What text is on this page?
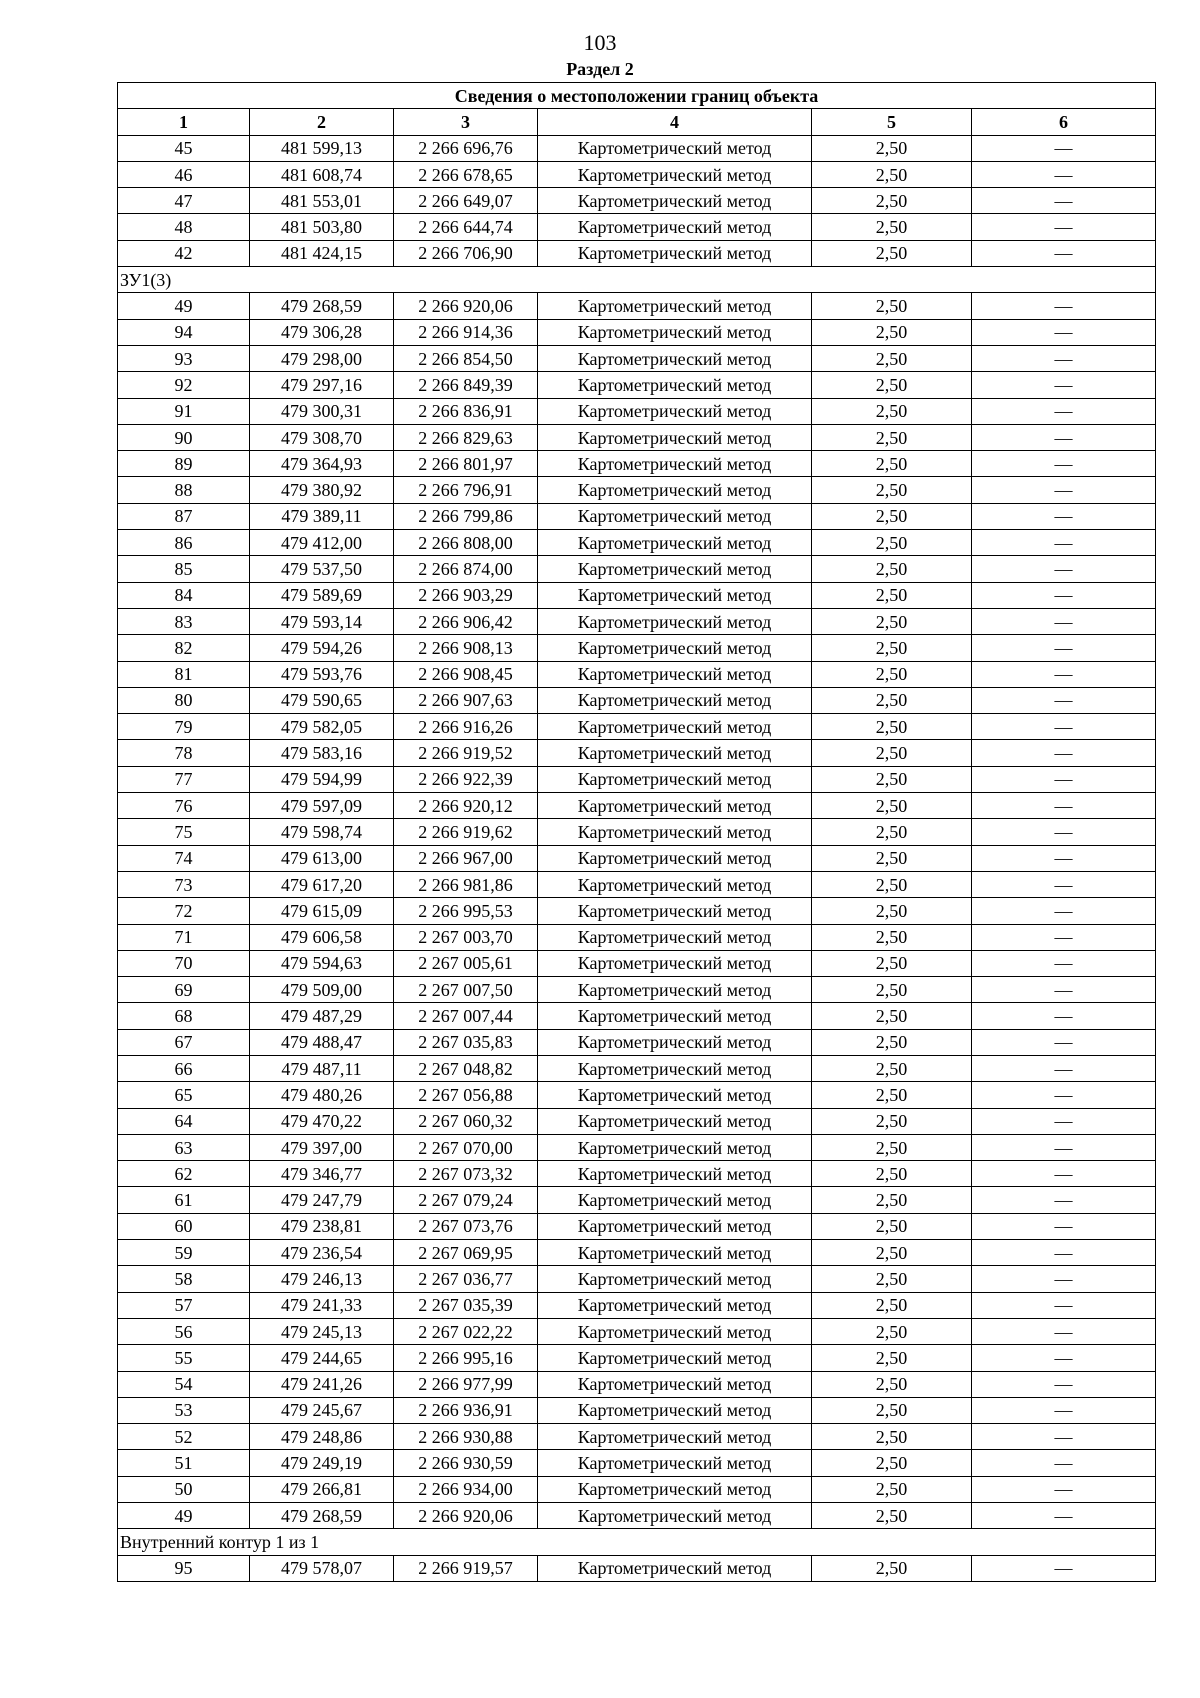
103
Раздел 2
Сведения о местоположении границ объекта					
1	2	3	4	5	6
45	481 599,13	2 266 696,76	Картометрический метод	2,50	—
46	481 608,74	2 266 678,65	Картометрический метод	2,50	—
47	481 553,01	2 266 649,07	Картометрический метод	2,50	—
48	481 503,80	2 266 644,74	Картометрический метод	2,50	—
42	481 424,15	2 266 706,90	Картометрический метод	2,50	—
ЗУ1(3)					
49	479 268,59	2 266 920,06	Картометрический метод	2,50	—
94	479 306,28	2 266 914,36	Картометрический метод	2,50	—
93	479 298,00	2 266 854,50	Картометрический метод	2,50	—
92	479 297,16	2 266 849,39	Картометрический метод	2,50	—
91	479 300,31	2 266 836,91	Картометрический метод	2,50	—
90	479 308,70	2 266 829,63	Картометрический метод	2,50	—
89	479 364,93	2 266 801,97	Картометрический метод	2,50	—
88	479 380,92	2 266 796,91	Картометрический метод	2,50	—
87	479 389,11	2 266 799,86	Картометрический метод	2,50	—
86	479 412,00	2 266 808,00	Картометрический метод	2,50	—
85	479 537,50	2 266 874,00	Картометрический метод	2,50	—
84	479 589,69	2 266 903,29	Картометрический метод	2,50	—
83	479 593,14	2 266 906,42	Картометрический метод	2,50	—
82	479 594,26	2 266 908,13	Картометрический метод	2,50	—
81	479 593,76	2 266 908,45	Картометрический метод	2,50	—
80	479 590,65	2 266 907,63	Картометрический метод	2,50	—
79	479 582,05	2 266 916,26	Картометрический метод	2,50	—
78	479 583,16	2 266 919,52	Картометрический метод	2,50	—
77	479 594,99	2 266 922,39	Картометрический метод	2,50	—
76	479 597,09	2 266 920,12	Картометрический метод	2,50	—
75	479 598,74	2 266 919,62	Картометрический метод	2,50	—
74	479 613,00	2 266 967,00	Картометрический метод	2,50	—
73	479 617,20	2 266 981,86	Картометрический метод	2,50	—
72	479 615,09	2 266 995,53	Картометрический метод	2,50	—
71	479 606,58	2 267 003,70	Картометрический метод	2,50	—
70	479 594,63	2 267 005,61	Картометрический метод	2,50	—
69	479 509,00	2 267 007,50	Картометрический метод	2,50	—
68	479 487,29	2 267 007,44	Картометрический метод	2,50	—
67	479 488,47	2 267 035,83	Картометрический метод	2,50	—
66	479 487,11	2 267 048,82	Картометрический метод	2,50	—
65	479 480,26	2 267 056,88	Картометрический метод	2,50	—
64	479 470,22	2 267 060,32	Картометрический метод	2,50	—
63	479 397,00	2 267 070,00	Картометрический метод	2,50	—
62	479 346,77	2 267 073,32	Картометрический метод	2,50	—
61	479 247,79	2 267 079,24	Картометрический метод	2,50	—
60	479 238,81	2 267 073,76	Картометрический метод	2,50	—
59	479 236,54	2 267 069,95	Картометрический метод	2,50	—
58	479 246,13	2 267 036,77	Картометрический метод	2,50	—
57	479 241,33	2 267 035,39	Картометрический метод	2,50	—
56	479 245,13	2 267 022,22	Картометрический метод	2,50	—
55	479 244,65	2 266 995,16	Картометрический метод	2,50	—
54	479 241,26	2 266 977,99	Картометрический метод	2,50	—
53	479 245,67	2 266 936,91	Картометрический метод	2,50	—
52	479 248,86	2 266 930,88	Картометрический метод	2,50	—
51	479 249,19	2 266 930,59	Картометрический метод	2,50	—
50	479 266,81	2 266 934,00	Картометрический метод	2,50	—
49	479 268,59	2 266 920,06	Картометрический метод	2,50	—
Внутренний контур 1 из 1					
95	479 578,07	2 266 919,57	Картометрический метод	2,50	—
